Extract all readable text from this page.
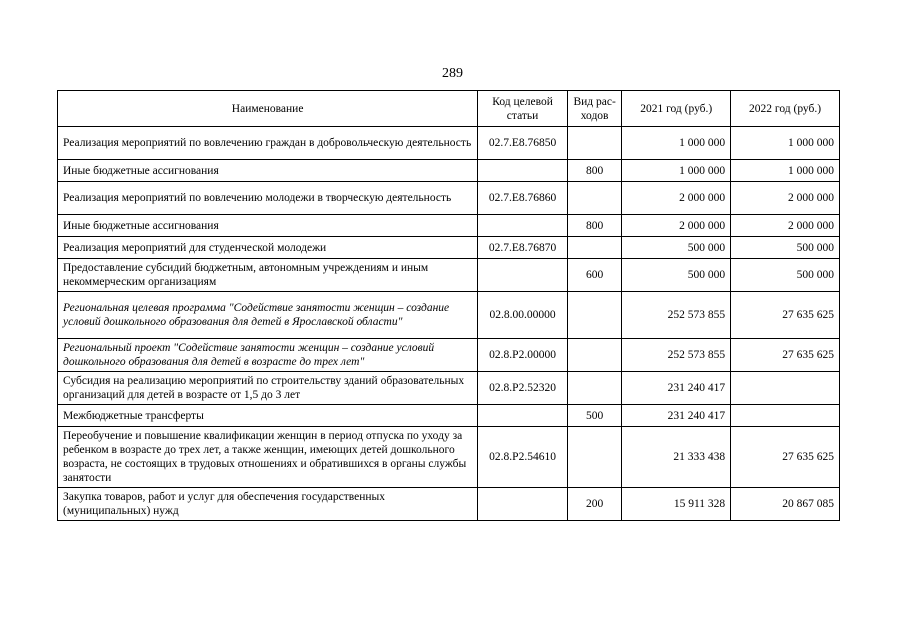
289
Наименование	Код целевой статьи	Вид рас-ходов	2021 год (руб.)	2022 год (руб.)
Реализация мероприятий по вовлечению граждан в добровольческую деятельность	02.7.E8.76850		1 000 000	1 000 000
Иные бюджетные ассигнования		800	1 000 000	1 000 000
Реализация мероприятий по вовлечению молодежи в творческую деятельность	02.7.E8.76860		2 000 000	2 000 000
Иные бюджетные ассигнования		800	2 000 000	2 000 000
Реализация мероприятий для студенческой молодежи	02.7.E8.76870		500 000	500 000
Предоставление субсидий бюджетным, автономным учреждениям и иным некоммерческим организациям		600	500 000	500 000
Региональная целевая программа "Содействие занятости женщин – создание условий дошкольного образования для детей в Ярославской области"	02.8.00.00000		252 573 855	27 635 625
Региональный проект "Содействие занятости женщин – создание условий дошкольного образования для детей в возрасте до трех лет"	02.8.P2.00000		252 573 855	27 635 625
Субсидия на реализацию мероприятий по строительству зданий образовательных организаций для детей в возрасте от 1,5 до 3 лет	02.8.P2.52320		231 240 417	
Межбюджетные трансферты		500	231 240 417	
Переобучение и повышение квалификации женщин в период отпуска по уходу за ребенком в возрасте до трех лет, а также женщин, имеющих детей дошкольного возраста, не состоящих в трудовых отношениях и обратившихся в органы службы занятости	02.8.P2.54610		21 333 438	27 635 625
Закупка товаров, работ и услуг для обеспечения государственных (муниципальных) нужд		200	15 911 328	20 867 085
